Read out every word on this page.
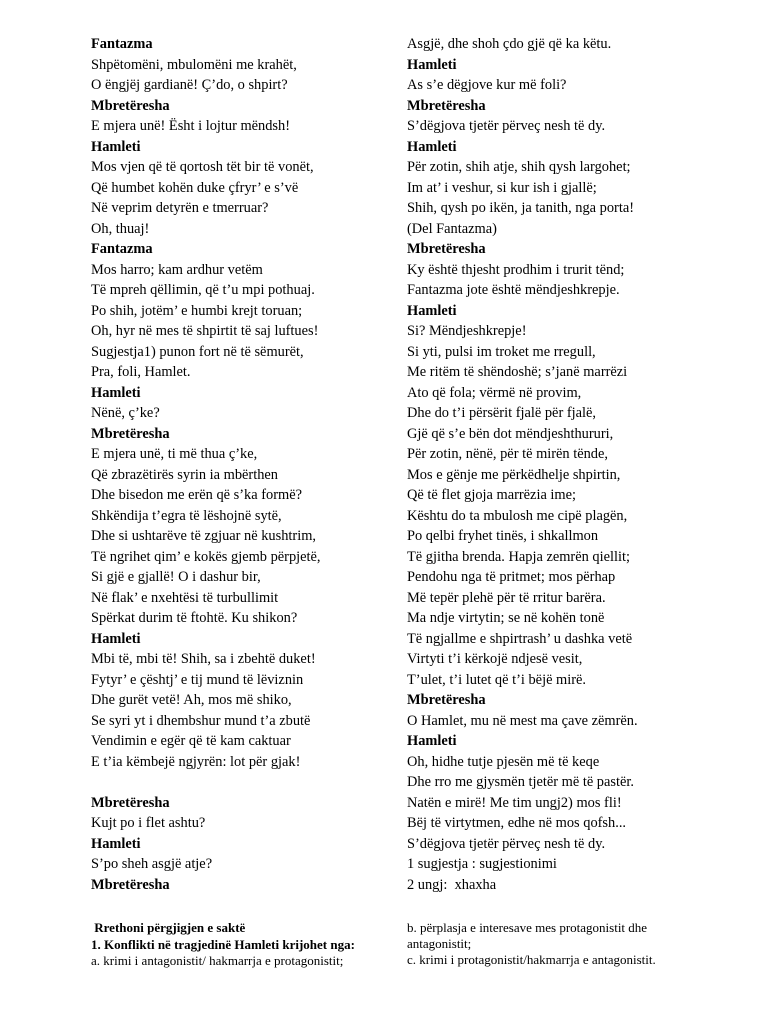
Fantazma
Shpëtomëni, mbulomëni me krahët,
O ëngjëj gardianë! Ç’do, o shpirt?
Mbretëresha
E mjera unë! Ësht i lojtur mëndsh!
Hamleti
Mos vjen që të qortosh tët bir të vonët,
Që humbet kohën duke çfryr’ e s’vë
Në veprim detyrën e tmerruar?
Oh, thuaj!
Fantazma
Mos harro; kam ardhur vetëm
Të mpreh qëllimin, që t’u mpi pothuaj.
Po shih, jotëm’ e humbi krejt toruan;
Oh, hyr në mes të shpirtit të saj luftues!
Sugjestja1) punon fort në të sëmurët,
Pra, foli, Hamlet.
Hamleti
Nënë, ç’ke?
Mbretëresha
E mjera unë, ti më thua ç’ke,
Që zbrazëtirës syrin ia mbërthen
Dhe bisedon me erën që s’ka formë?
Shkëndija t’egra të lëshojnë sytë,
Dhe si ushtarëve të zgjuar në kushtrim,
Të ngrihet qim’ e kokës gjemb përpjetë,
Si gjë e gjallë! O i dashur bir,
Në flak’ e nxehtësi të turbullimit
Spërkat durim të ftohtë. Ku shikon?
Hamleti
Mbi të, mbi të! Shih, sa i zbehtë duket!
Fytyr’ e çështj’ e tij mund të lëviznin
Dhe gurët vetë! Ah, mos më shiko,
Se syri yt i dhembshur mund t’a zbutë
Vendimin e egër që të kam caktuar
E t’ia këmbejë ngjyrën: lot për gjak!
Mbretëresha
Kujt po i flet ashtu?
Hamleti
S’po sheh asgjë atje?
Mbretëresha
Asgjë, dhe shoh çdo gjë që ka këtu.
Hamleti
As s’e dëgjove kur më foli?
Mbretëresha
S’dëgjova tjetër përveç nesh të dy.
Hamleti
Për zotin, shih atje, shih qysh largohet;
Im at’ i veshur, si kur ish i gjallë;
Shih, qysh po ikën, ja tanith, nga porta!
(Del Fantazma)
Mbretëresha
Ky është thjesht prodhim i trurit tënd;
Fantazma jote është mëndjeshkrepje.
Hamleti
Si? Mëndjeshkrepje!
Si yti, pulsi im troket me rregull,
Me ritëm të shëndoshë; s’janë marrëzi
Ato që fola; vërmë në provim,
Dhe do t’i përsërit fjalë për fjalë,
Gjë që s’e bën dot mëndjeshthururi,
Për zotin, nënë, për të mirën tënde,
Mos e gënje me përkëdhelje shpirtin,
Që të flet gjoja marrëzia ime;
Kështu do ta mbulosh me cipë plagën,
Po qelbi fryhet tinës, i shkallmon
Të gjitha brenda. Hapja zemrën qiellit;
Pendohu nga të pritmet; mos përhap
Më tepër plehë për të rritur barëra.
Ma ndje virtytin; se në kohën tonë
Të ngjallme e shpirtrash’ u dashka vetë
Virtyti t’i kërkojë ndjesë vesit,
T’ulet, t’i lutet që t’i bëjë mirë.
Mbretëresha
O Hamlet, mu në mest ma çave zëmrën.
Hamleti
Oh, hidhe tutje pjesën më të keqe
Dhe rro me gjysmën tjetër më të pastër.
Natën e mirë! Me tim ungj2) mos fli!
Bëj të virtytmen, edhe në mos qofsh...
S’dëgjova tjetër përveç nesh të dy.
1 sugjestja : sugjestionimi
2 ungj:  xhaxha
Rrethoni përgjigjen e saktë
1. Konflikti në tragjedinë Hamleti krijohet nga:
a. krimi i antagonistit/ hakmarrja e protagonistit;
b. përplasja e interesave mes protagonistit dhe antagonistit;
c. krimi i protagonistit/hakmarrja e antagonistit.
